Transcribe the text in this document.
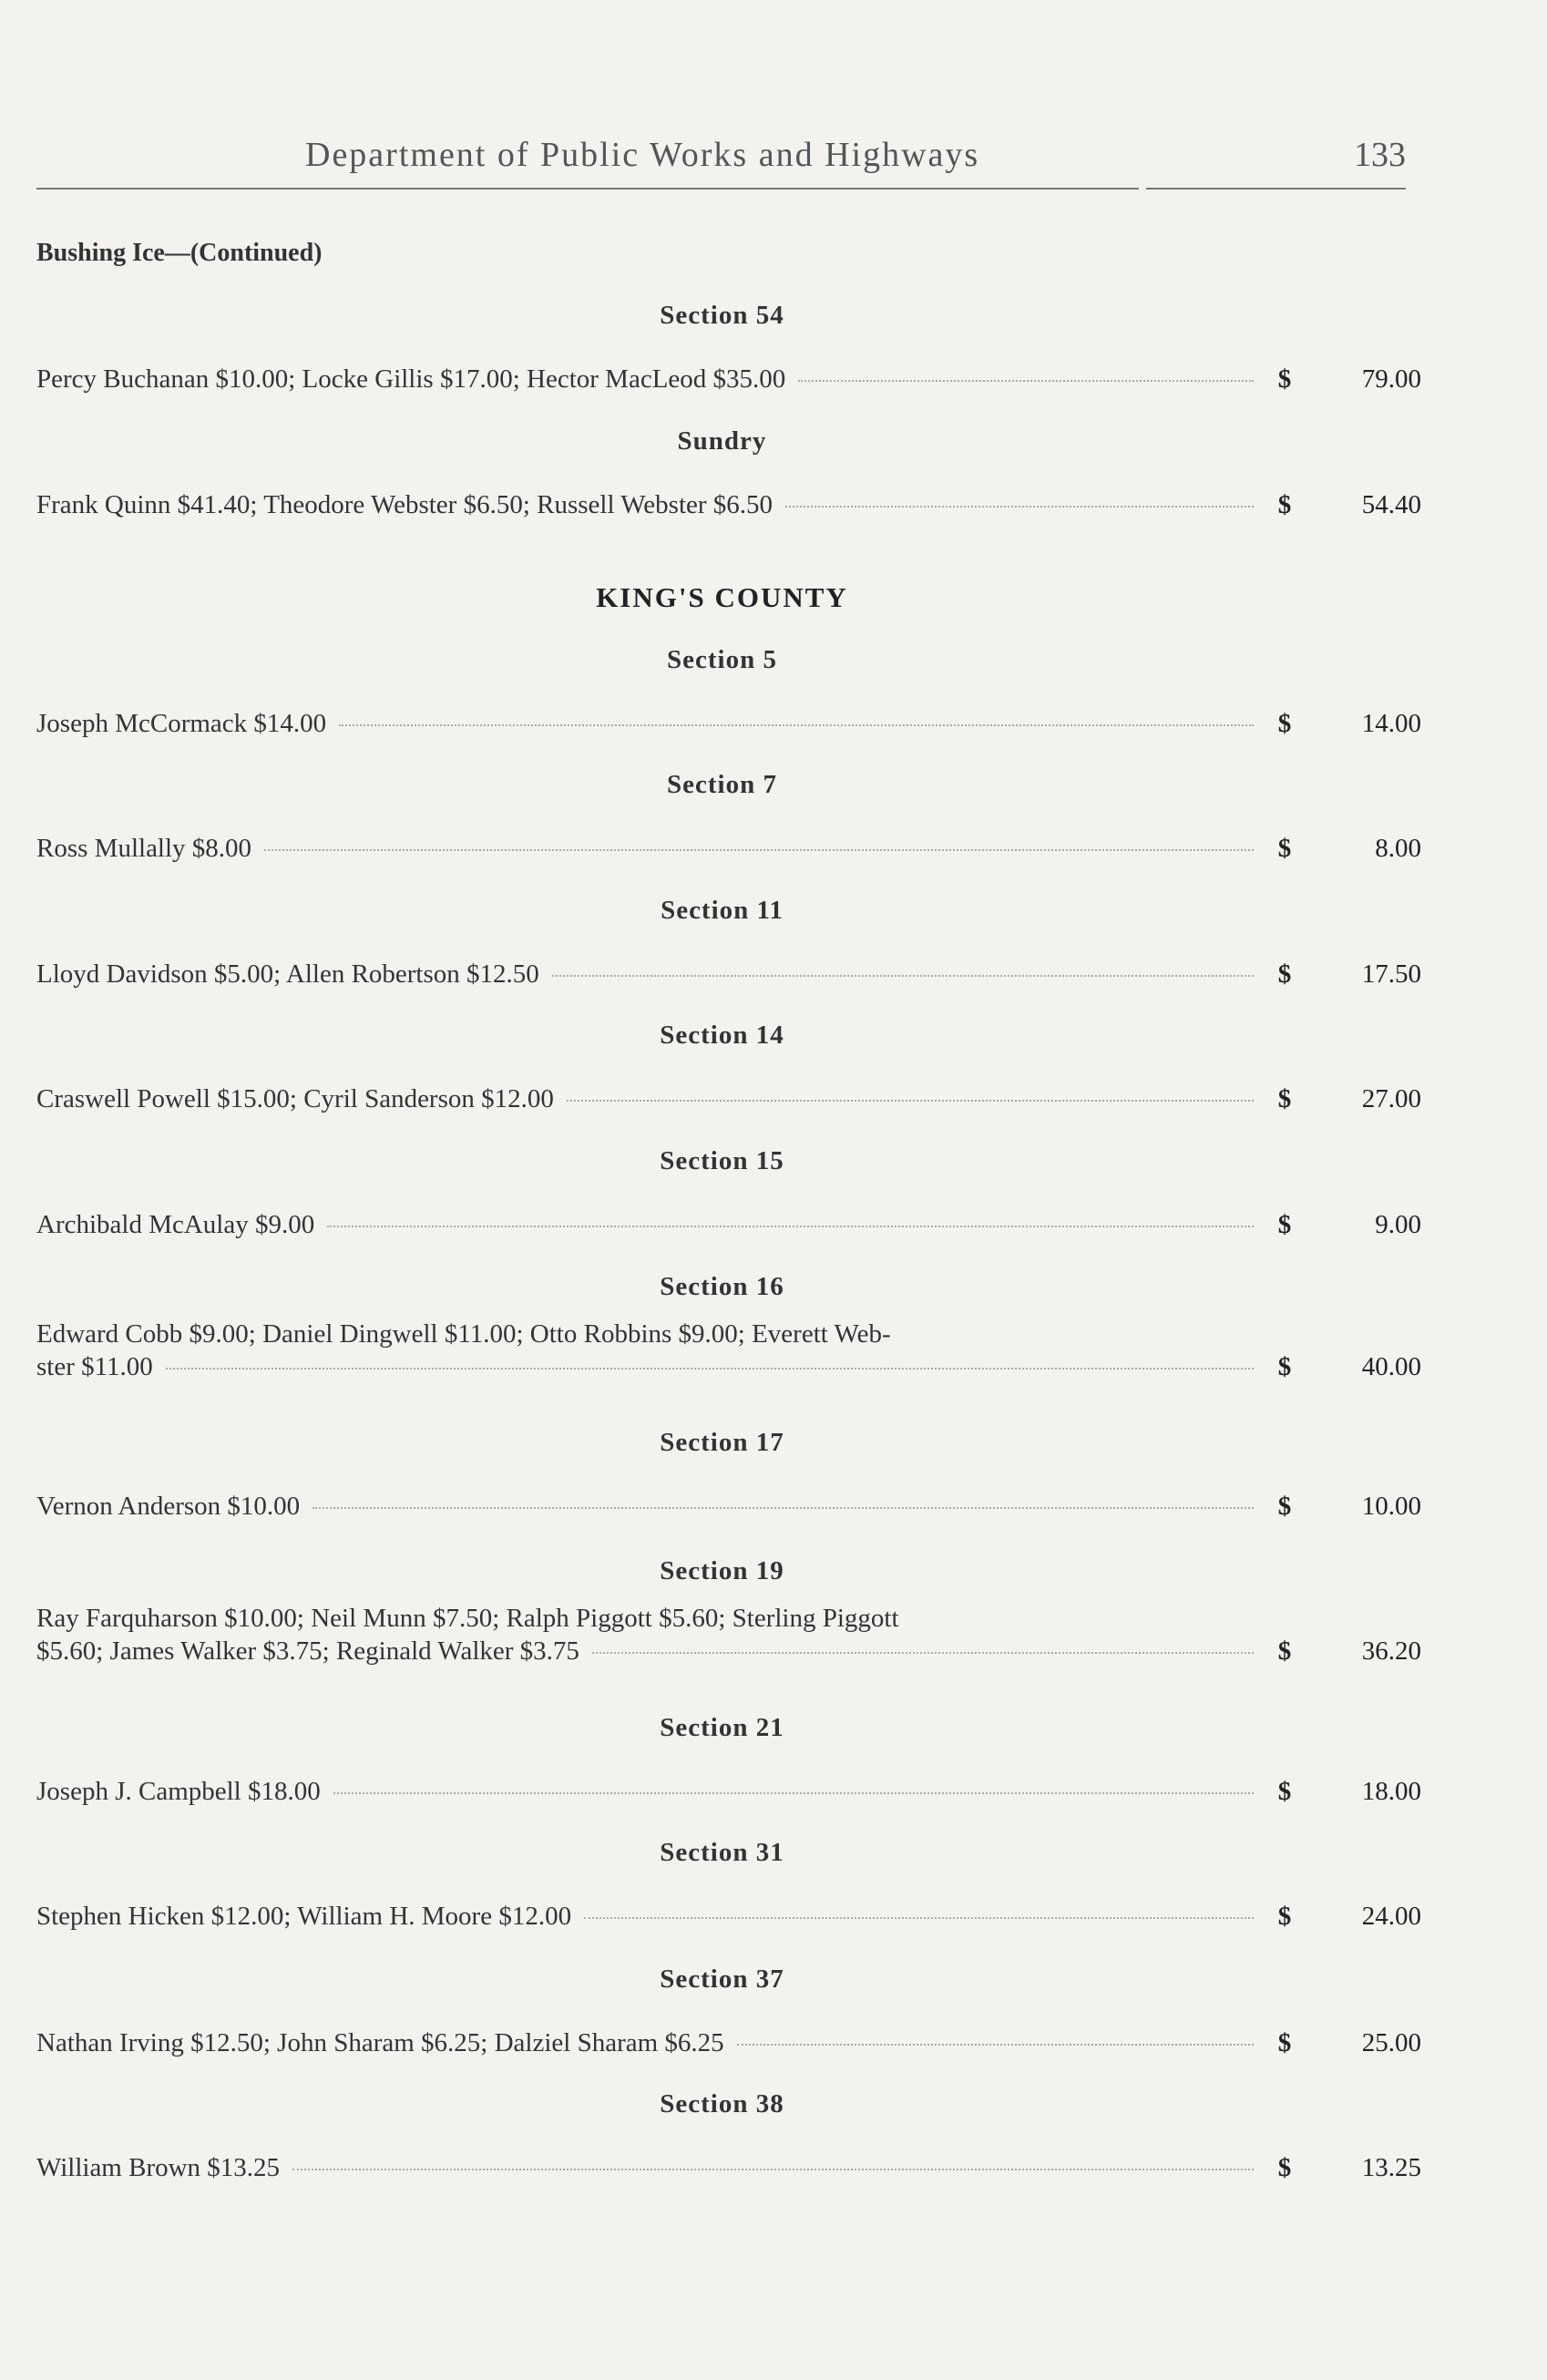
Department of Public Works and Highways	133
Bushing Ice—(Continued)
Section 54
Percy Buchanan $10.00; Locke Gillis $17.00; Hector MacLeod $35.00	$	79.00
Sundry
Frank Quinn $41.40; Theodore Webster $6.50; Russell Webster $6.50	$	54.40
KING'S COUNTY
Section 5
Joseph McCormack $14.00	$	14.00
Section 7
Ross Mullally $8.00	$	8.00
Section 11
Lloyd Davidson $5.00; Allen Robertson $12.50	$	17.50
Section 14
Craswell Powell $15.00; Cyril Sanderson $12.00	$	27.00
Section 15
Archibald McAulay $9.00	$	9.00
Section 16
Edward Cobb $9.00; Daniel Dingwell $11.00; Otto Robbins $9.00; Everett Web-
ster $11.00	$	40.00
Section 17
Vernon Anderson $10.00	$	10.00
Section 19
Ray Farquharson $10.00; Neil Munn $7.50; Ralph Piggott $5.60; Sterling Piggott
$5.60; James Walker $3.75; Reginald Walker $3.75	$	36.20
Section 21
Joseph J. Campbell $18.00	$	18.00
Section 31
Stephen Hicken $12.00; William H. Moore $12.00	$	24.00
Section 37
Nathan Irving $12.50; John Sharam $6.25; Dalziel Sharam $6.25	$	25.00
Section 38
William Brown $13.25	$	13.25
